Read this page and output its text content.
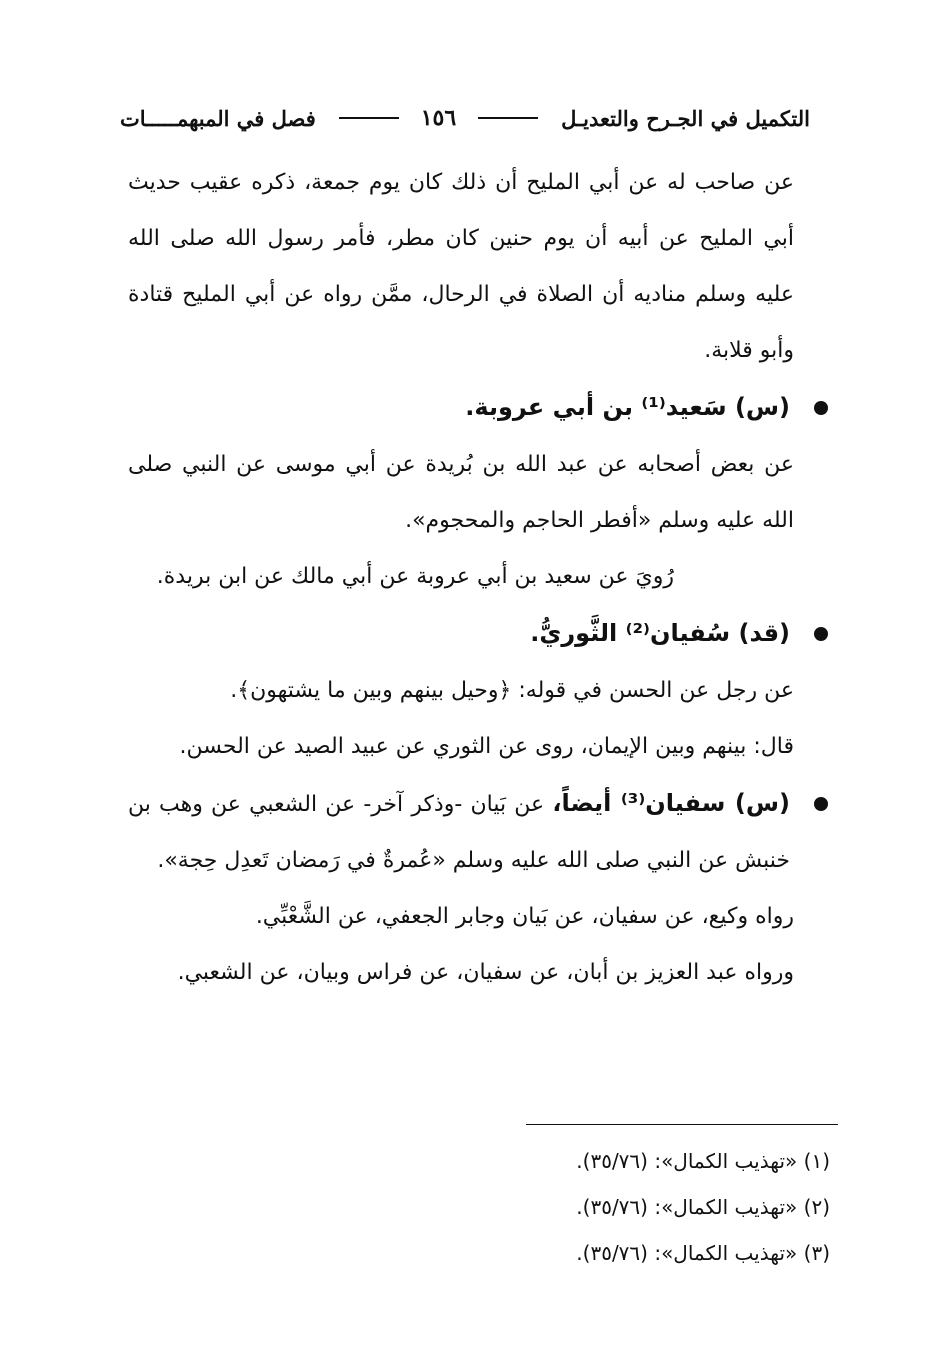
التكميل في الجـرح والتعديـل
١٥٦
فصل في المبهمـــــات

عن صاحب له عن أبي المليح أن ذلك كان يوم جمعة، ذكره عقيب حديث أبي المليح عن أبيه أن يوم حنين كان مطر، فأمر رسول الله صلى الله عليه وسلم مناديه أن الصلاة في الرحال، ممَّن رواه عن أبي المليح قتادة وأبو قلابة.

(س) سَعيد⁽¹⁾ بن أبي عروبة.

عن بعض أصحابه عن عبد الله بن بُريدة عن أبي موسى عن النبي صلى الله عليه وسلم «أفطر الحاجم والمحجوم».

رُويَ عن سعيد بن أبي عروبة عن أبي مالك عن ابن بريدة.

(قد) سُفيان⁽²⁾ الثَّوريُّ.

عن رجل عن الحسن في قوله: ﴿وحيل بينهم وبين ما يشتهون﴾.

قال: بينهم وبين الإيمان، روى عن الثوري عن عبيد الصيد عن الحسن.

(س) سفيان⁽³⁾ أيضاً، عن بَيان -وذكر آخر- عن الشعبي عن وهب بن خنبش عن النبي صلى الله عليه وسلم «عُمرةٌ في رَمضان تَعدِل حِجة».

رواه وكيع، عن سفيان، عن بَيان وجابر الجعفي، عن الشَّعْبِّي.

ورواه عبد العزيز بن أبان، عن سفيان، عن فراس وبيان، عن الشعبي.

(١) «تهذيب الكمال»: (٣٥/٧٦).
(٢) «تهذيب الكمال»: (٣٥/٧٦).
(٣) «تهذيب الكمال»: (٣٥/٧٦).
